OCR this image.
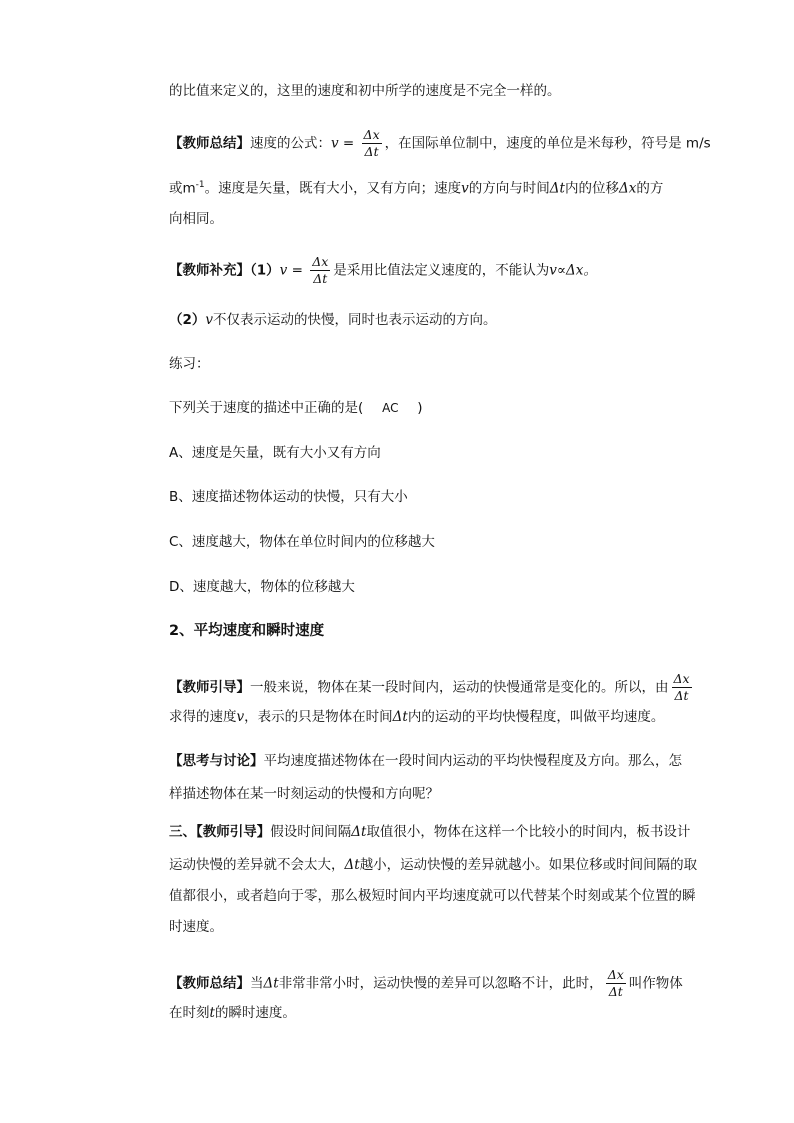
的比值来定义的，这里的速度和初中所学的速度是不完全一样的。
【教师总结】速度的公式：$v = \frac{\Delta x}{\Delta t}$ ，在国际单位制中，速度的单位是米每秒，符号是 m/s
或$m^{-1}$。速度是矢量，既有大小，又有方向；速度v的方向与时间Δt内的位移Δx的方
向相同。
【教师补充】$(1)v = \frac{\Delta x}{\Delta t}$ 是采用比值法定义速度的，不能认为v∝Δx。
（2）v不仅表示运动的快慢，同时也表示运动的方向。
练习：
下列关于速度的描述中正确的是( AC )
A、速度是矢量，既有大小又有方向
B、速度描述物体运动的快慢，只有大小
C、速度越大，物体在单位时间内的位移越大
D、速度越大，物体的位移越大
2、平均速度和瞬时速度
【教师引导】一般来说，物体在某一段时间内，运动的快慢通常是变化的。所以，由 $\frac{\Delta x}{\Delta t}$
求得的速度v，表示的只是物体在时间Δt内的运动的平均快慢程度，叫做平均速度。
【思考与讨论】平均速度描述物体在一段时间内运动的平均快慢程度及方向。那么，怎
样描述物体在某一时刻运动的快慢和方向呢？
三、【教师引导】假设时间间隔Δt取值很小，物体在这样一个比较小的时间内，板书设计
运动快慢的差异就不会太大，Δt越小，运动快慢的差异就越小。如果位移或时间间隔的取
值都很小，或者趋向于零，那么极短时间内平均速度就可以代替某个时刻或某个位置的瞬
时速度。
【教师总结】当Δt非常非常小时，运动快慢的差异可以忽略不计，此时， $\frac{\Delta x}{\Delta t}$ 叫作物体
在时刻t的瞬时速度。
